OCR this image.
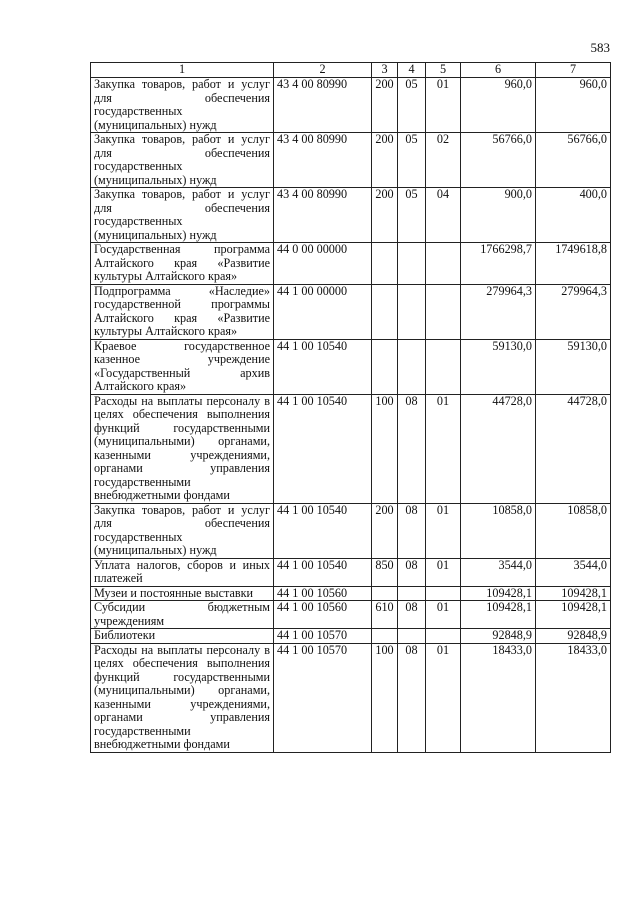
583
1	2	3	4	5	6	7
Закупка товаров, работ и услуг для обеспечения государственных (муниципальных) нужд	43 4 00 80990	200	05	01	960,0	960,0
Закупка товаров, работ и услуг для обеспечения государственных (муниципальных) нужд	43 4 00 80990	200	05	02	56766,0	56766,0
Закупка товаров, работ и услуг для обеспечения государственных (муниципальных) нужд	43 4 00 80990	200	05	04	900,0	400,0
Государственная программа Алтайского края «Развитие культуры Алтайского края»	44 0 00 00000				1766298,7	1749618,8
Подпрограмма «Наследие» государственной программы Алтайского края «Развитие культуры Алтайского края»	44 1 00 00000				279964,3	279964,3
Краевое государственное казенное учреждение «Государственный архив Алтайского края»	44 1 00 10540				59130,0	59130,0
Расходы на выплаты персоналу в целях обеспечения выполнения функций государственными (муниципальными) органами, казенными учреждениями, органами управления государственными внебюджетными фондами	44 1 00 10540	100	08	01	44728,0	44728,0
Закупка товаров, работ и услуг для обеспечения государственных (муниципальных) нужд	44 1 00 10540	200	08	01	10858,0	10858,0
Уплата налогов, сборов и иных платежей	44 1 00 10540	850	08	01	3544,0	3544,0
Музеи и постоянные выставки	44 1 00 10560				109428,1	109428,1
Субсидии бюджетным учреждениям	44 1 00 10560	610	08	01	109428,1	109428,1
Библиотеки	44 1 00 10570				92848,9	92848,9
Расходы на выплаты персоналу в целях обеспечения выполнения функций государственными (муниципальными) органами, казенными учреждениями, органами управления государственными внебюджетными фондами	44 1 00 10570	100	08	01	18433,0	18433,0
